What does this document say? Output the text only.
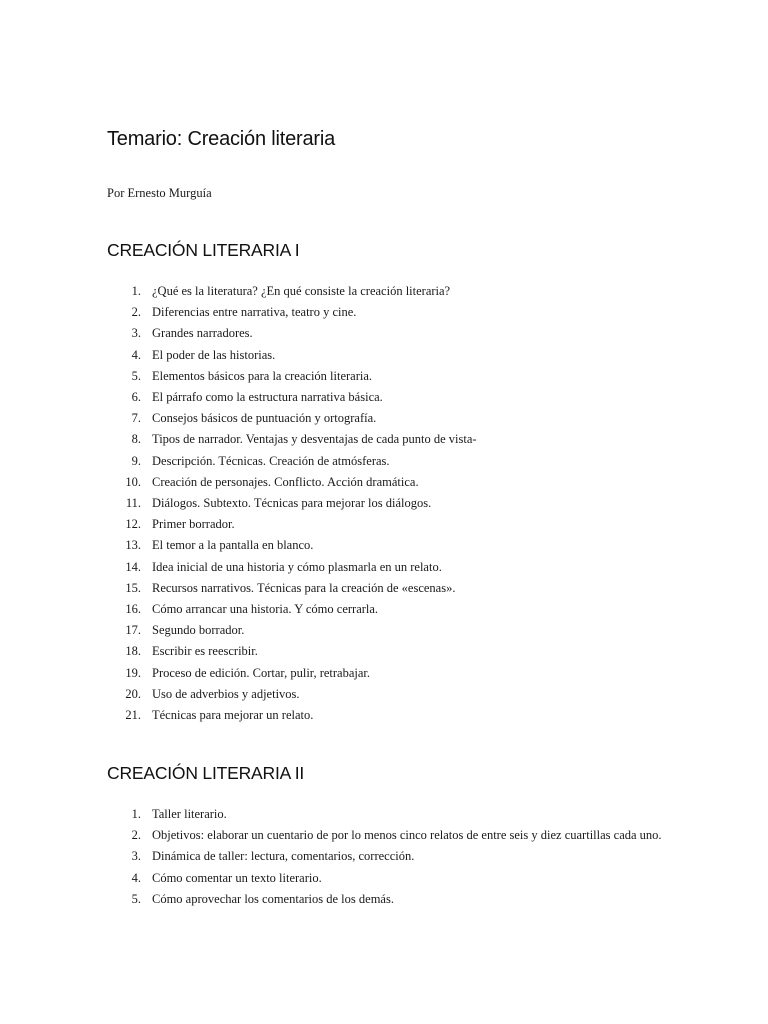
Temario: Creación literaria

Por Ernesto Murguía

CREACIÓN LITERARIA I
1. ¿Qué es la literatura? ¿En qué consiste la creación literaria?
2. Diferencias entre narrativa, teatro y cine.
3. Grandes narradores.
4. El poder de las historias.
5. Elementos básicos para la creación literaria.
6. El párrafo como la estructura narrativa básica.
7. Consejos básicos de puntuación y ortografía.
8. Tipos de narrador. Ventajas y desventajas de cada punto de vista-
9. Descripción. Técnicas. Creación de atmósferas.
10. Creación de personajes. Conflicto. Acción dramática.
11. Diálogos. Subtexto. Técnicas para mejorar los diálogos.
12. Primer borrador.
13. El temor a la pantalla en blanco.
14. Idea inicial de una historia y cómo plasmarla en un relato.
15. Recursos narrativos. Técnicas para la creación de «escenas».
16. Cómo arrancar una historia. Y cómo cerrarla.
17. Segundo borrador.
18. Escribir es reescribir.
19. Proceso de edición. Cortar, pulir, retrabajar.
20. Uso de adverbios y adjetivos.
21. Técnicas para mejorar un relato.
CREACIÓN LITERARIA II
1. Taller literario.
2. Objetivos: elaborar un cuentario de por lo menos cinco relatos de entre seis y diez cuartillas cada uno.
3. Dinámica de taller: lectura, comentarios, corrección.
4. Cómo comentar un texto literario.
5. Cómo aprovechar los comentarios de los demás.
